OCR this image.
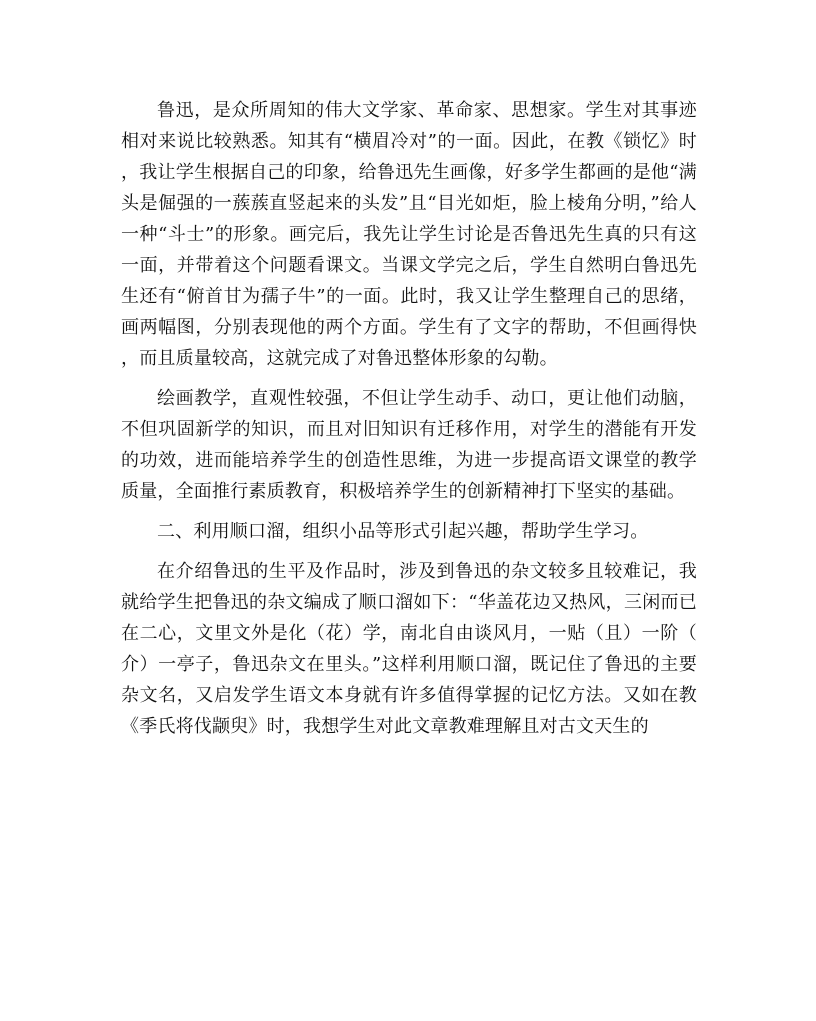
鲁迅，是众所周知的伟大文学家、革命家、思想家。学生对其事迹相对来说比较熟悉。知其有“横眉冷对”的一面。因此，在教《锁忆》时，我让学生根据自己的印象，给鲁迅先生画像，好多学生都画的是他“满头是倔强的一蔟蔟直竖起来的头发”且“目光如炬，脸上棱角分明，”给人一种“斗士”的形象。画完后，我先让学生讨论是否鲁迅先生真的只有这一面，并带着这个问题看课文。当课文学完之后，学生自然明白鲁迅先生还有“俯首甘为孺子牛”的一面。此时，我又让学生整理自己的思绪，画两幅图，分别表现他的两个方面。学生有了文字的帮助，不但画得快，而且质量较高，这就完成了对鲁迅整体形象的勾勒。

绘画教学，直观性较强，不但让学生动手、动口，更让他们动脑，不但巩固新学的知识，而且对旧知识有迁移作用，对学生的潜能有开发的功效，进而能培养学生的创造性思维，为进一步提高语文课堂的教学质量，全面推行素质教育，积极培养学生的创新精神打下坚实的基础。

二、利用顺口溜，组织小品等形式引起兴趣，帮助学生学习。

在介绍鲁迅的生平及作品时，涉及到鲁迅的杂文较多且较难记，我就给学生把鲁迅的杂文编成了顺口溜如下：“华盖花边又热风，三闲而已在二心，文里文外是化（花）学，南北自由谈风月，一贴（且）一阶（介）一亭子，鲁迅杂文在里头。”这样利用顺口溜，既记住了鲁迅的主要杂文名，又启发学生语文本身就有许多值得掌握的记忆方法。又如在教《季氏将伐颛臾》时，我想学生对此文章教难理解且对古文天生的
